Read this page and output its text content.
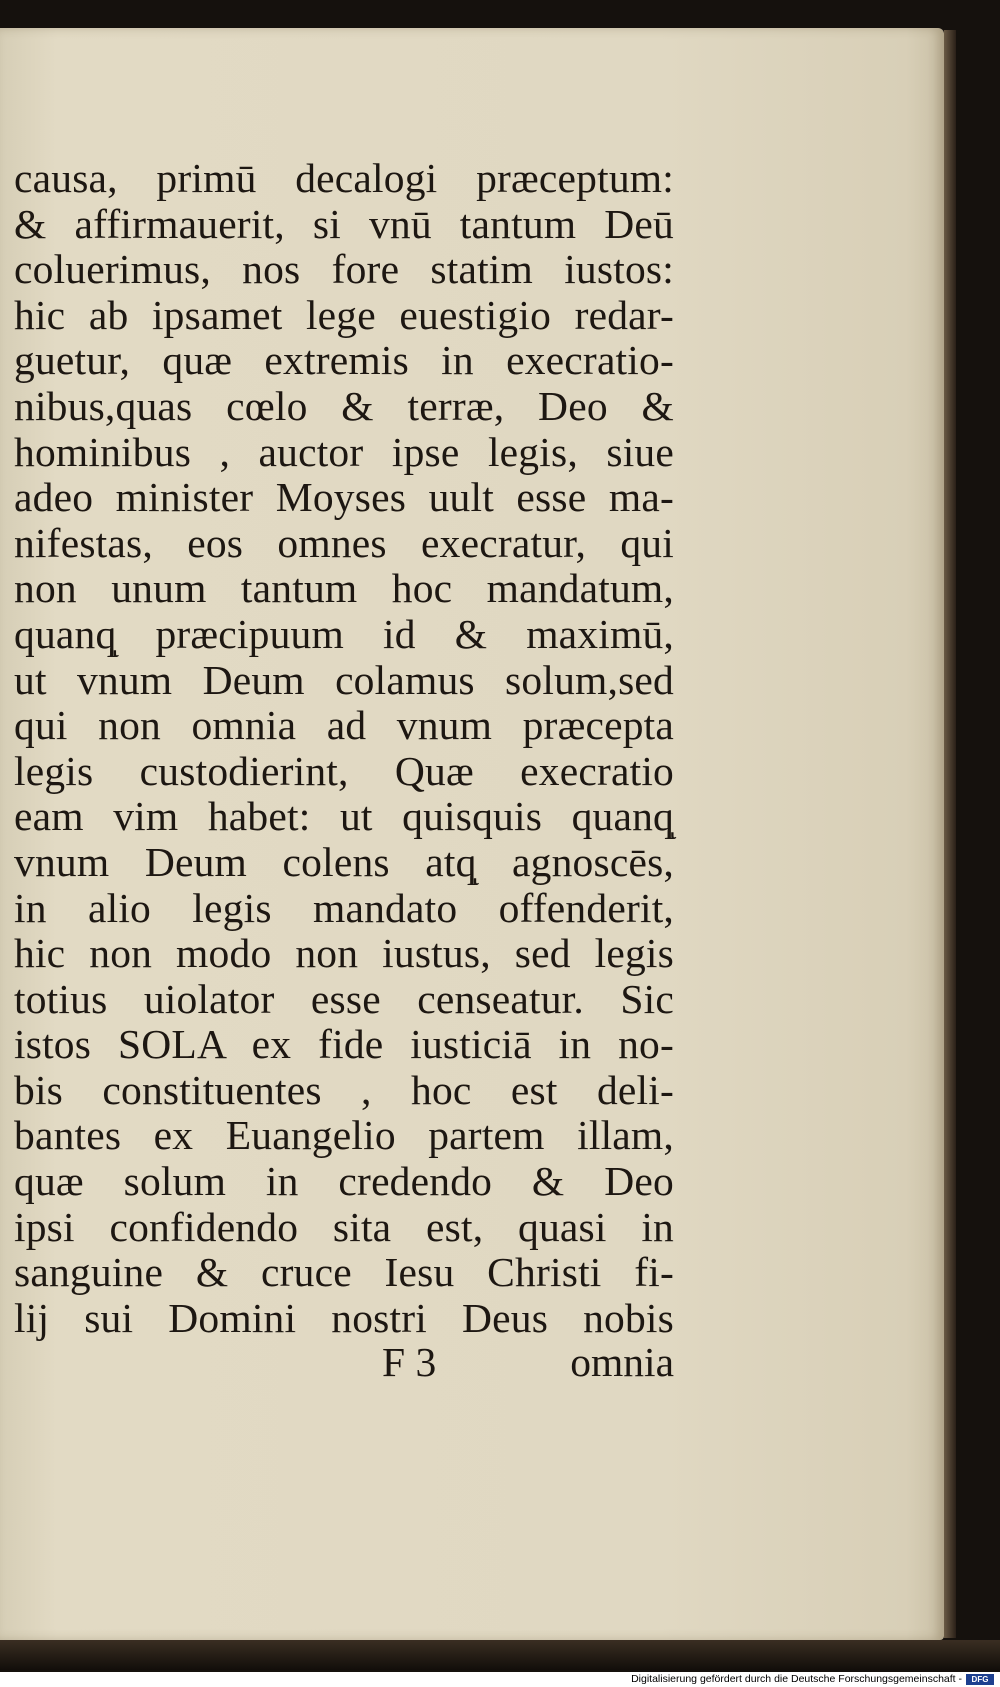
causa, primū decalogi præceptum:
& affirmauerit, si vnū tantum Deū
coluerimus, nos fore statim iustos:
hic ab ipsamet lege euestigio redar-
guetur, quæ extremis in execratio-
nibus,quas cœlo & terræ, Deo &
hominibus , auctor ipse legis, siue
adeo minister Moyses uult esse ma-
nifestas, eos omnes execratur, qui
non unum tantum hoc mandatum,
quanqͅ præcipuum id & maximū,
ut vnum Deum colamus solum,sed
qui non omnia ad vnum præcepta
legis custodierint, Quæ execratio
eam vim habet: ut quisquis quanqͅ
vnum Deum colens atqͅ agnoscēs,
in alio legis mandato offenderit,
hic non modo non iustus, sed legis
totius uiolator esse censeatur. Sic
istos SOLA ex fide iusticiā in no-
bis constituentes , hoc est deli-
bantes ex Euangelio partem illam,
quæ solum in credendo & Deo
ipsi confidendo sita est, quasi in
sanguine & cruce Iesu Christi fi-
lij sui Domini nostri Deus nobis
F 3	omnia
Digitalisierung gefördert durch die Deutsche Forschungsgemeinschaft -	DFG
